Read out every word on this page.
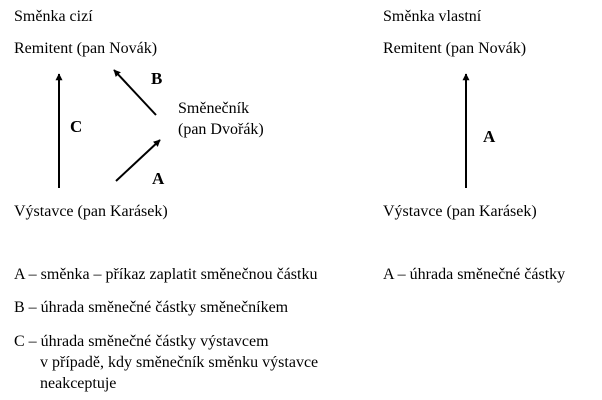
Směnka cizí
Remitent (pan Novák)
Směnečník
(pan Dvořák)
Výstavce (pan Karásek)
B
C
A
Směnka vlastní
Remitent (pan Novák)
Výstavce (pan Karásek)
A
A – směnka – příkaz zaplatit směnečnou částku
B – úhrada směnečné částky směnečníkem
C – úhrada směnečné částky výstavcem
v případě, kdy směnečník směnku výstavce
neakceptuje
A – úhrada směnečné částky
